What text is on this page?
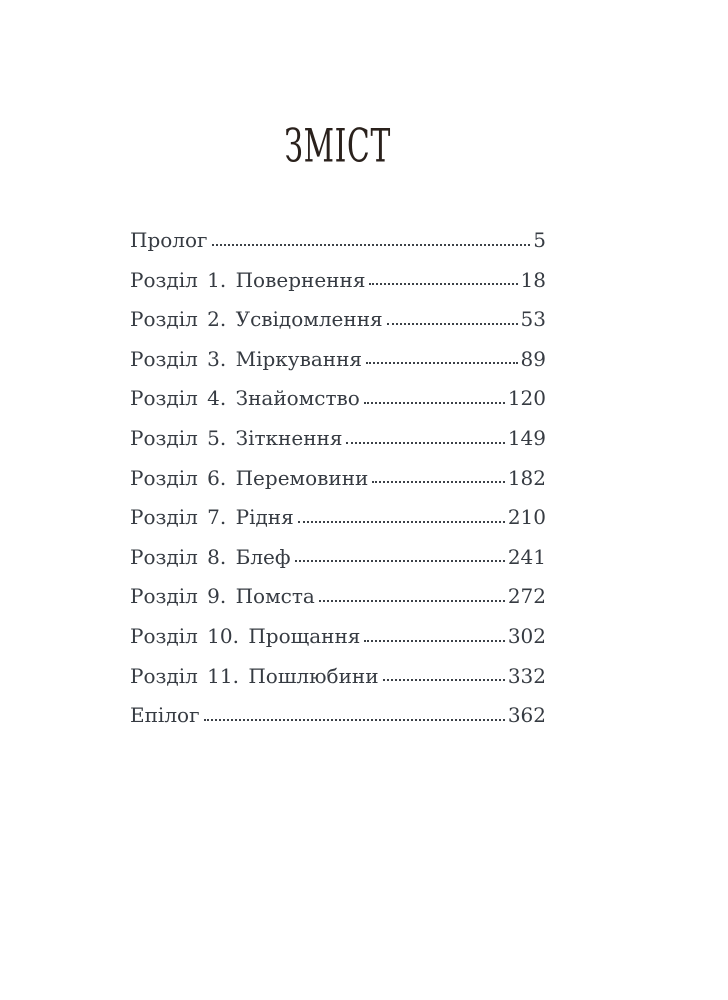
ЗМІСТ
Пролог	5
Розділ 1. Повернення	18
Розділ 2. Усвідомлення	53
Розділ 3. Міркування	89
Розділ 4. Знайомство	120
Розділ 5. Зіткнення	149
Розділ 6. Перемовини	182
Розділ 7. Рідня	210
Розділ 8. Блеф	241
Розділ 9. Помста	272
Розділ 10. Прощання	302
Розділ 11. Пошлюбини	332
Епілог	362
